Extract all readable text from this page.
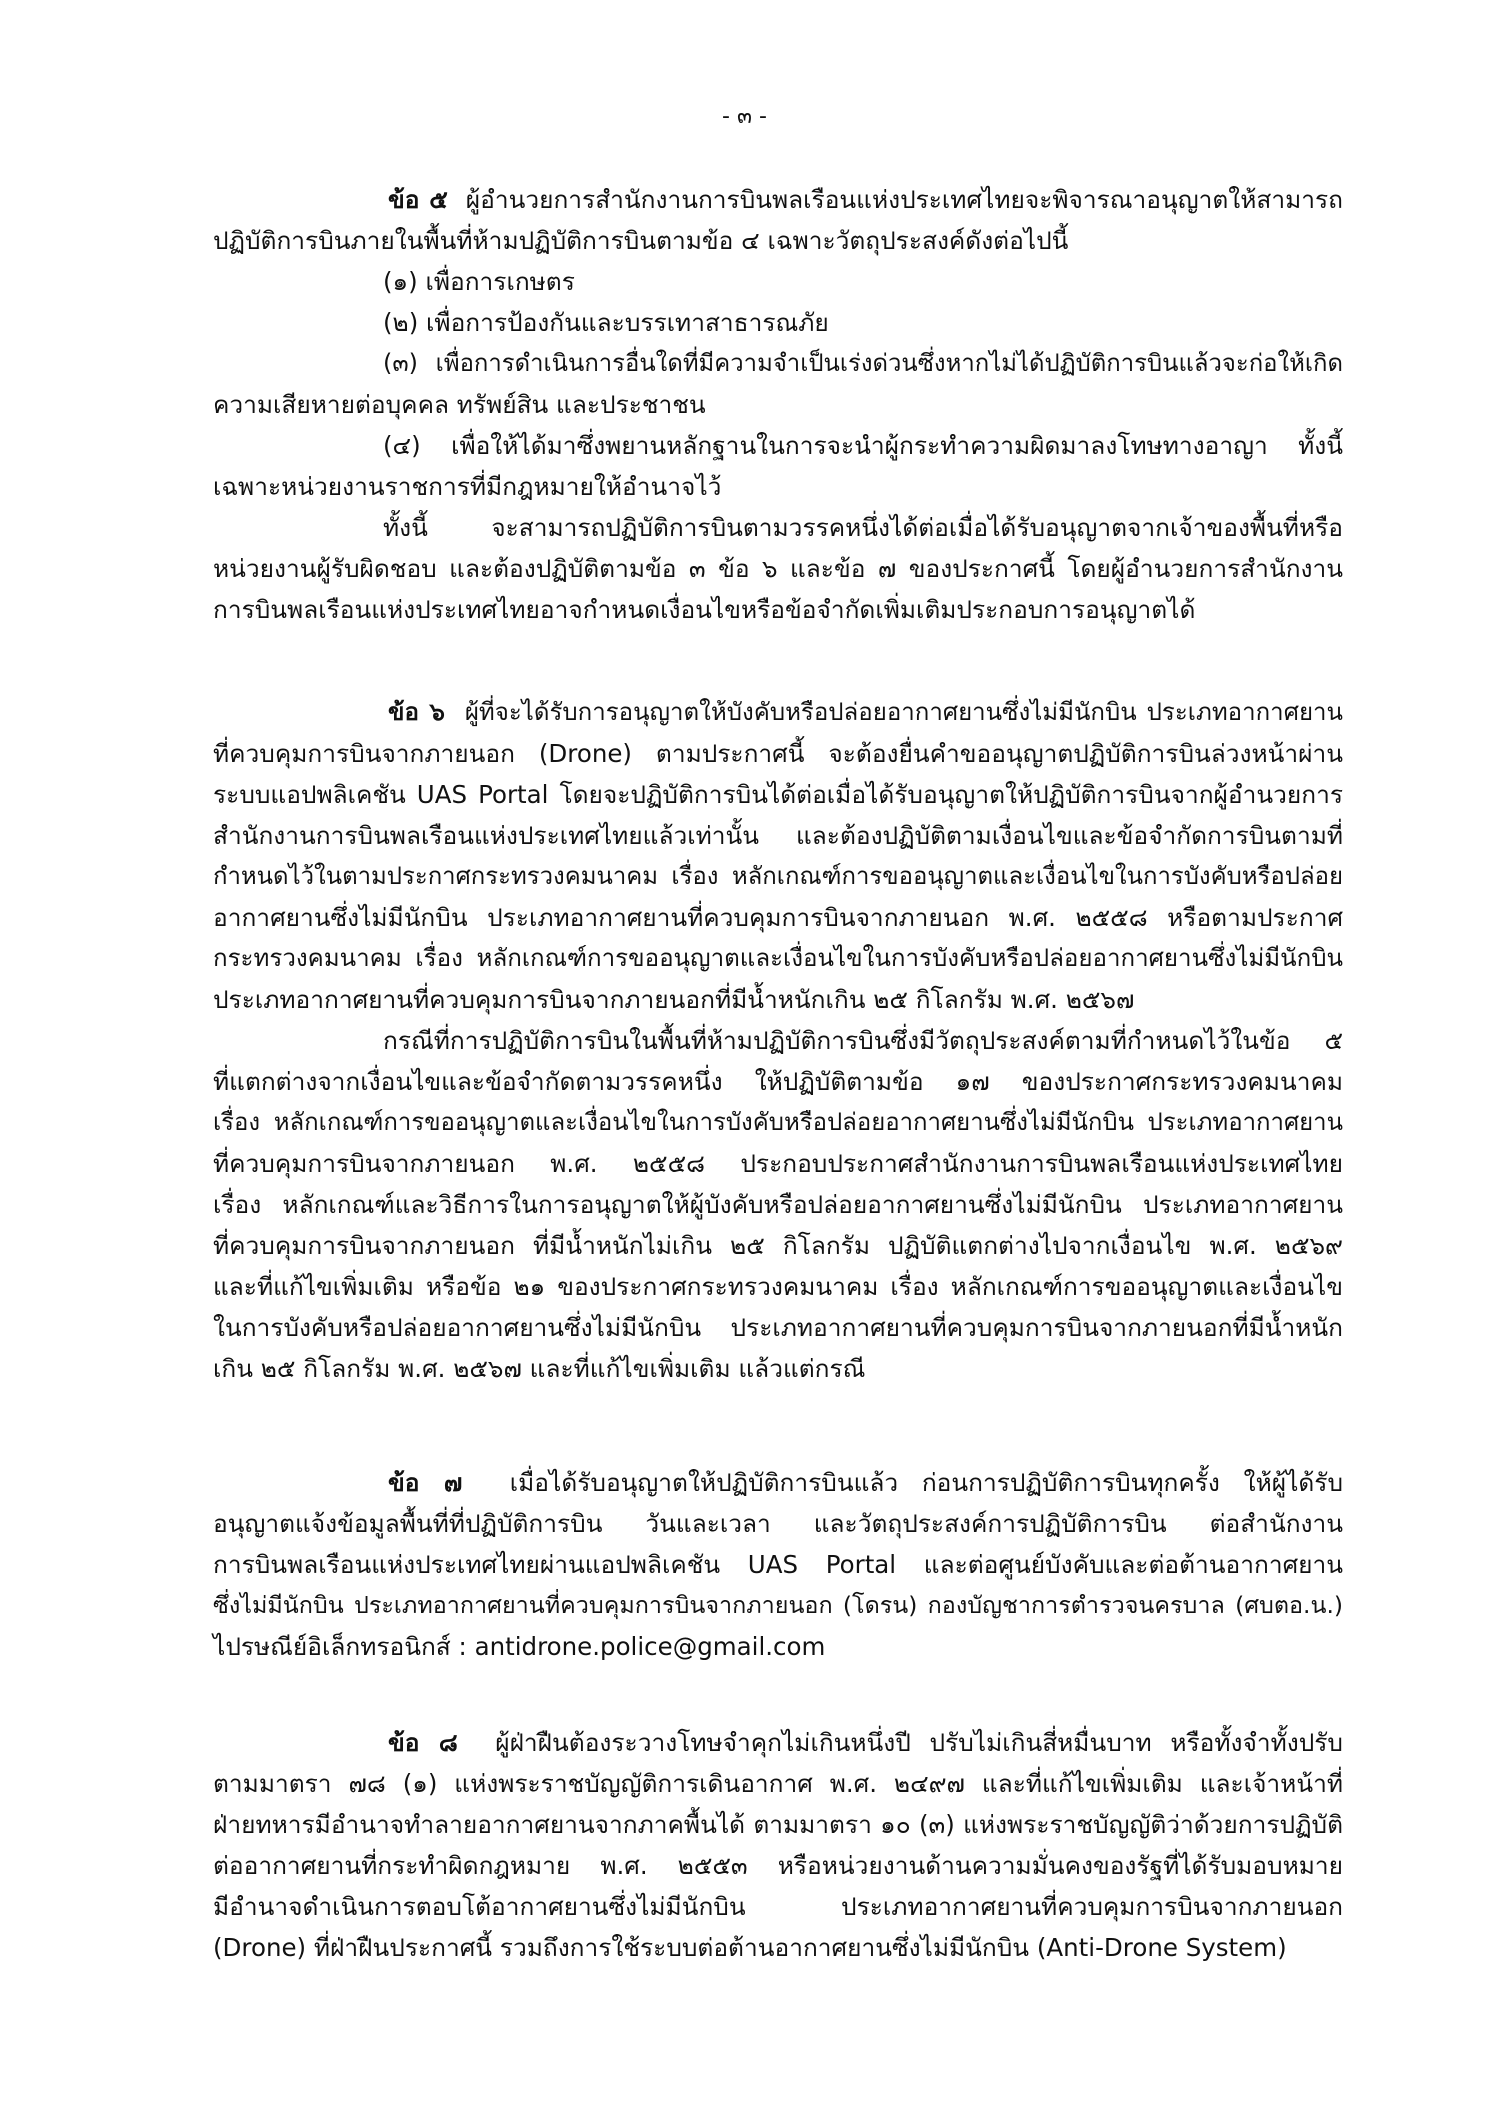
- ๓ -
ข้อ ๕ ผู้อำนวยการสำนักงานการบินพลเรือนแห่งประเทศไทยจะพิจารณาอนุญาตให้สามารถ
ปฏิบัติการบินภายในพื้นที่ห้ามปฏิบัติการบินตามข้อ ๔ เฉพาะวัตถุประสงค์ดังต่อไปนี้
(๑) เพื่อการเกษตร
(๒) เพื่อการป้องกันและบรรเทาสาธารณภัย
(๓) เพื่อการดำเนินการอื่นใดที่มีความจำเป็นเร่งด่วนซึ่งหากไม่ได้ปฏิบัติการบินแล้วจะก่อให้เกิด
ความเสียหายต่อบุคคล ทรัพย์สิน และประชาชน
(๔) เพื่อให้ได้มาซึ่งพยานหลักฐานในการจะนำผู้กระทำความผิดมาลงโทษทางอาญา ทั้งนี้
เฉพาะหน่วยงานราชการที่มีกฎหมายให้อำนาจไว้
ทั้งนี้ จะสามารถปฏิบัติการบินตามวรรคหนึ่งได้ต่อเมื่อได้รับอนุญาตจากเจ้าของพื้นที่หรือ
หน่วยงานผู้รับผิดชอบ และต้องปฏิบัติตามข้อ ๓ ข้อ ๖ และข้อ ๗ ของประกาศนี้ โดยผู้อำนวยการสำนักงาน
การบินพลเรือนแห่งประเทศไทยอาจกำหนดเงื่อนไขหรือข้อจำกัดเพิ่มเติมประกอบการอนุญาตได้
ข้อ ๖ ผู้ที่จะได้รับการอนุญาตให้บังคับหรือปล่อยอากาศยานซึ่งไม่มีนักบิน ประเภทอากาศยาน
ที่ควบคุมการบินจากภายนอก (Drone) ตามประกาศนี้ จะต้องยื่นคำขออนุญาตปฏิบัติการบินล่วงหน้าผ่าน
ระบบแอปพลิเคชัน UAS Portal โดยจะปฏิบัติการบินได้ต่อเมื่อได้รับอนุญาตให้ปฏิบัติการบินจากผู้อำนวยการ
สำนักงานการบินพลเรือนแห่งประเทศไทยแล้วเท่านั้น และต้องปฏิบัติตามเงื่อนไขและข้อจำกัดการบินตามที่
กำหนดไว้ในตามประกาศกระทรวงคมนาคม เรื่อง หลักเกณฑ์การขออนุญาตและเงื่อนไขในการบังคับหรือปล่อย
อากาศยานซึ่งไม่มีนักบิน ประเภทอากาศยานที่ควบคุมการบินจากภายนอก พ.ศ. ๒๕๕๘ หรือตามประกาศ
กระทรวงคมนาคม เรื่อง หลักเกณฑ์การขออนุญาตและเงื่อนไขในการบังคับหรือปล่อยอากาศยานซึ่งไม่มีนักบิน
ประเภทอากาศยานที่ควบคุมการบินจากภายนอกที่มีน้ำหนักเกิน ๒๕ กิโลกรัม พ.ศ. ๒๕๖๗
กรณีที่การปฏิบัติการบินในพื้นที่ห้ามปฏิบัติการบินซึ่งมีวัตถุประสงค์ตามที่กำหนดไว้ในข้อ ๕
ที่แตกต่างจากเงื่อนไขและข้อจำกัดตามวรรคหนึ่ง ให้ปฏิบัติตามข้อ ๑๗ ของประกาศกระทรวงคมนาคม
เรื่อง หลักเกณฑ์การขออนุญาตและเงื่อนไขในการบังคับหรือปล่อยอากาศยานซึ่งไม่มีนักบิน ประเภทอากาศยาน
ที่ควบคุมการบินจากภายนอก พ.ศ. ๒๕๕๘ ประกอบประกาศสำนักงานการบินพลเรือนแห่งประเทศไทย
เรื่อง หลักเกณฑ์และวิธีการในการอนุญาตให้ผู้บังคับหรือปล่อยอากาศยานซึ่งไม่มีนักบิน ประเภทอากาศยาน
ที่ควบคุมการบินจากภายนอก ที่มีน้ำหนักไม่เกิน ๒๕ กิโลกรัม ปฏิบัติแตกต่างไปจากเงื่อนไข พ.ศ. ๒๕๖๙
และที่แก้ไขเพิ่มเติม หรือข้อ ๒๑ ของประกาศกระทรวงคมนาคม เรื่อง หลักเกณฑ์การขออนุญาตและเงื่อนไข
ในการบังคับหรือปล่อยอากาศยานซึ่งไม่มีนักบิน ประเภทอากาศยานที่ควบคุมการบินจากภายนอกที่มีน้ำหนัก
เกิน ๒๕ กิโลกรัม พ.ศ. ๒๕๖๗ และที่แก้ไขเพิ่มเติม แล้วแต่กรณี
ข้อ ๗ เมื่อได้รับอนุญาตให้ปฏิบัติการบินแล้ว ก่อนการปฏิบัติการบินทุกครั้ง ให้ผู้ได้รับ
อนุญาตแจ้งข้อมูลพื้นที่ที่ปฏิบัติการบิน วันและเวลา และวัตถุประสงค์การปฏิบัติการบิน ต่อสำนักงาน
การบินพลเรือนแห่งประเทศไทยผ่านแอปพลิเคชัน UAS Portal และต่อศูนย์บังคับและต่อต้านอากาศยาน
ซึ่งไม่มีนักบิน ประเภทอากาศยานที่ควบคุมการบินจากภายนอก (โดรน) กองบัญชาการตำรวจนครบาล (ศบตอ.น.)
ไปรษณีย์อิเล็กทรอนิกส์ : antidrone.police@gmail.com
ข้อ ๘ ผู้ฝ่าฝืนต้องระวางโทษจำคุกไม่เกินหนึ่งปี ปรับไม่เกินสี่หมื่นบาท หรือทั้งจำทั้งปรับ
ตามมาตรา ๗๘ (๑) แห่งพระราชบัญญัติการเดินอากาศ พ.ศ. ๒๔๙๗ และที่แก้ไขเพิ่มเติม และเจ้าหน้าที่
ฝ่ายทหารมีอำนาจทำลายอากาศยานจากภาคพื้นได้ ตามมาตรา ๑๐ (๓) แห่งพระราชบัญญัติว่าด้วยการปฏิบัติ
ต่ออากาศยานที่กระทำผิดกฎหมาย พ.ศ. ๒๕๕๓ หรือหน่วยงานด้านความมั่นคงของรัฐที่ได้รับมอบหมาย
มีอำนาจดำเนินการตอบโต้อากาศยานซึ่งไม่มีนักบิน ประเภทอากาศยานที่ควบคุมการบินจากภายนอก
(Drone) ที่ฝ่าฝืนประกาศนี้ รวมถึงการใช้ระบบต่อต้านอากาศยานซึ่งไม่มีนักบิน (Anti-Drone System)
